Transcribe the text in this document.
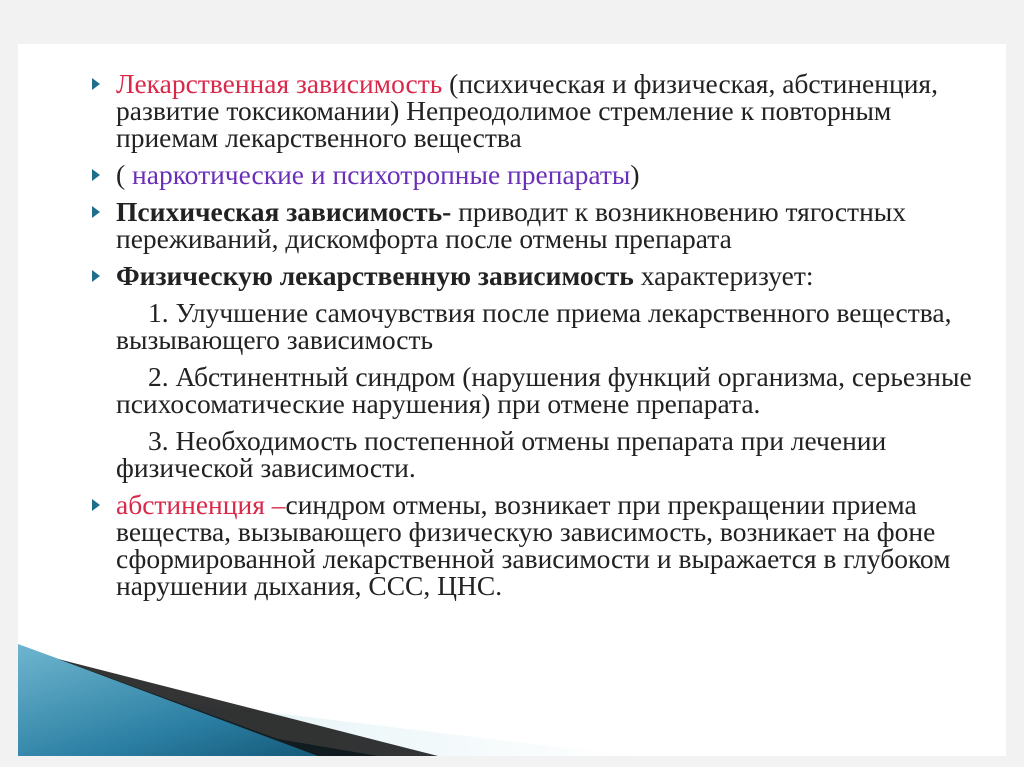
Лекарственная зависимость (психическая и физическая, абстиненция, развитие токсикомании) Непреодолимое стремление к повторным приемам лекарственного вещества
( наркотические и психотропные препараты)
Психическая зависимость- приводит к возникновению тягостных переживаний, дискомфорта после отмены препарата
Физическую лекарственную зависимость характеризует:
1. Улучшение самочувствия после приема лекарственного вещества, вызывающего зависимость
2. Абстинентный синдром (нарушения функций организма, серьезные психосоматические нарушения) при отмене препарата.
3. Необходимость постепенной отмены препарата при лечении физической зависимости.
абстиненция –синдром отмены, возникает при прекращении приема вещества, вызывающего физическую зависимость, возникает на фоне сформированной лекарственной зависимости и выражается в глубоком нарушении дыхания, ССС, ЦНС.
